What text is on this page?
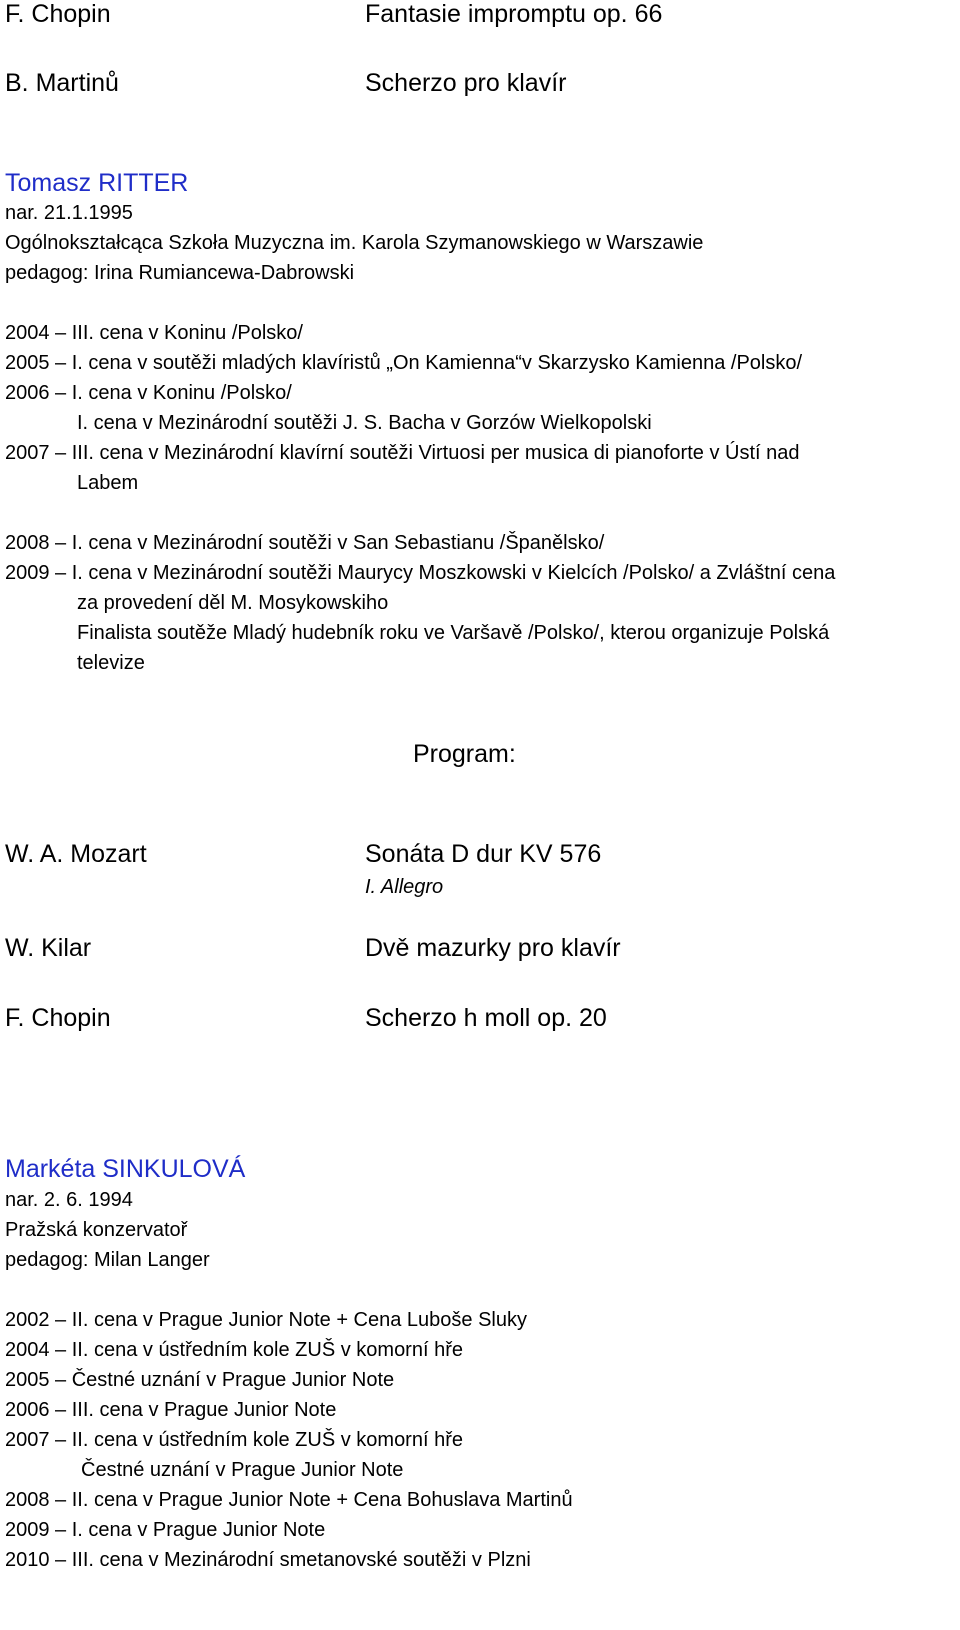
F. Chopin	Fantasie impromptu op. 66
B. Martinů	Scherzo pro klavír
Tomasz RITTER
nar. 21.1.1995
Ogólnokształcąca Szkoła Muzyczna im. Karola Szymanowskiego w Warszawie
pedagog: Irina Rumiancewa-Dabrowski
2004 – III. cena v Koninu /Polsko/
2005 – I. cena v soutěži mladých klavíristů „On Kamienna“v Skarzysko Kamienna /Polsko/
2006 – I. cena v Koninu /Polsko/
I. cena v Mezinárodní soutěži J. S. Bacha v Gorzów Wielkopolski
2007 – III. cena v Mezinárodní klavírní soutěži Virtuosi per musica di pianoforte v Ústí nad
Labem
2008 – I. cena v Mezinárodní soutěži v San Sebastianu /Španělsko/
2009 – I. cena v Mezinárodní soutěži Maurycy Moszkowski v Kielcích /Polsko/ a Zvláštní cena
za provedení děl M. Mosykowskiho
Finalista soutěže Mladý hudebník roku ve Varšavě /Polsko/, kterou organizuje Polská
televize
Program:
W. A. Mozart	Sonáta D dur KV 576
I. Allegro
W. Kilar	Dvě mazurky pro klavír
F. Chopin	Scherzo h moll op. 20
Markéta SINKULOVÁ
nar. 2. 6. 1994
Pražská konzervatoř
pedagog: Milan Langer
2002 – II. cena v Prague Junior Note + Cena Luboše Sluky
2004 – II. cena v ústředním kole ZUŠ v komorní hře
2005 – Čestné uznání v Prague Junior Note
2006 – III. cena v Prague Junior Note
2007 – II. cena v ústředním kole ZUŠ v komorní hře
Čestné uznání v Prague Junior Note
2008 – II. cena v Prague Junior Note + Cena Bohuslava Martinů
2009 – I. cena v Prague Junior Note
2010 – III. cena v Mezinárodní smetanovské soutěži v Plzni
